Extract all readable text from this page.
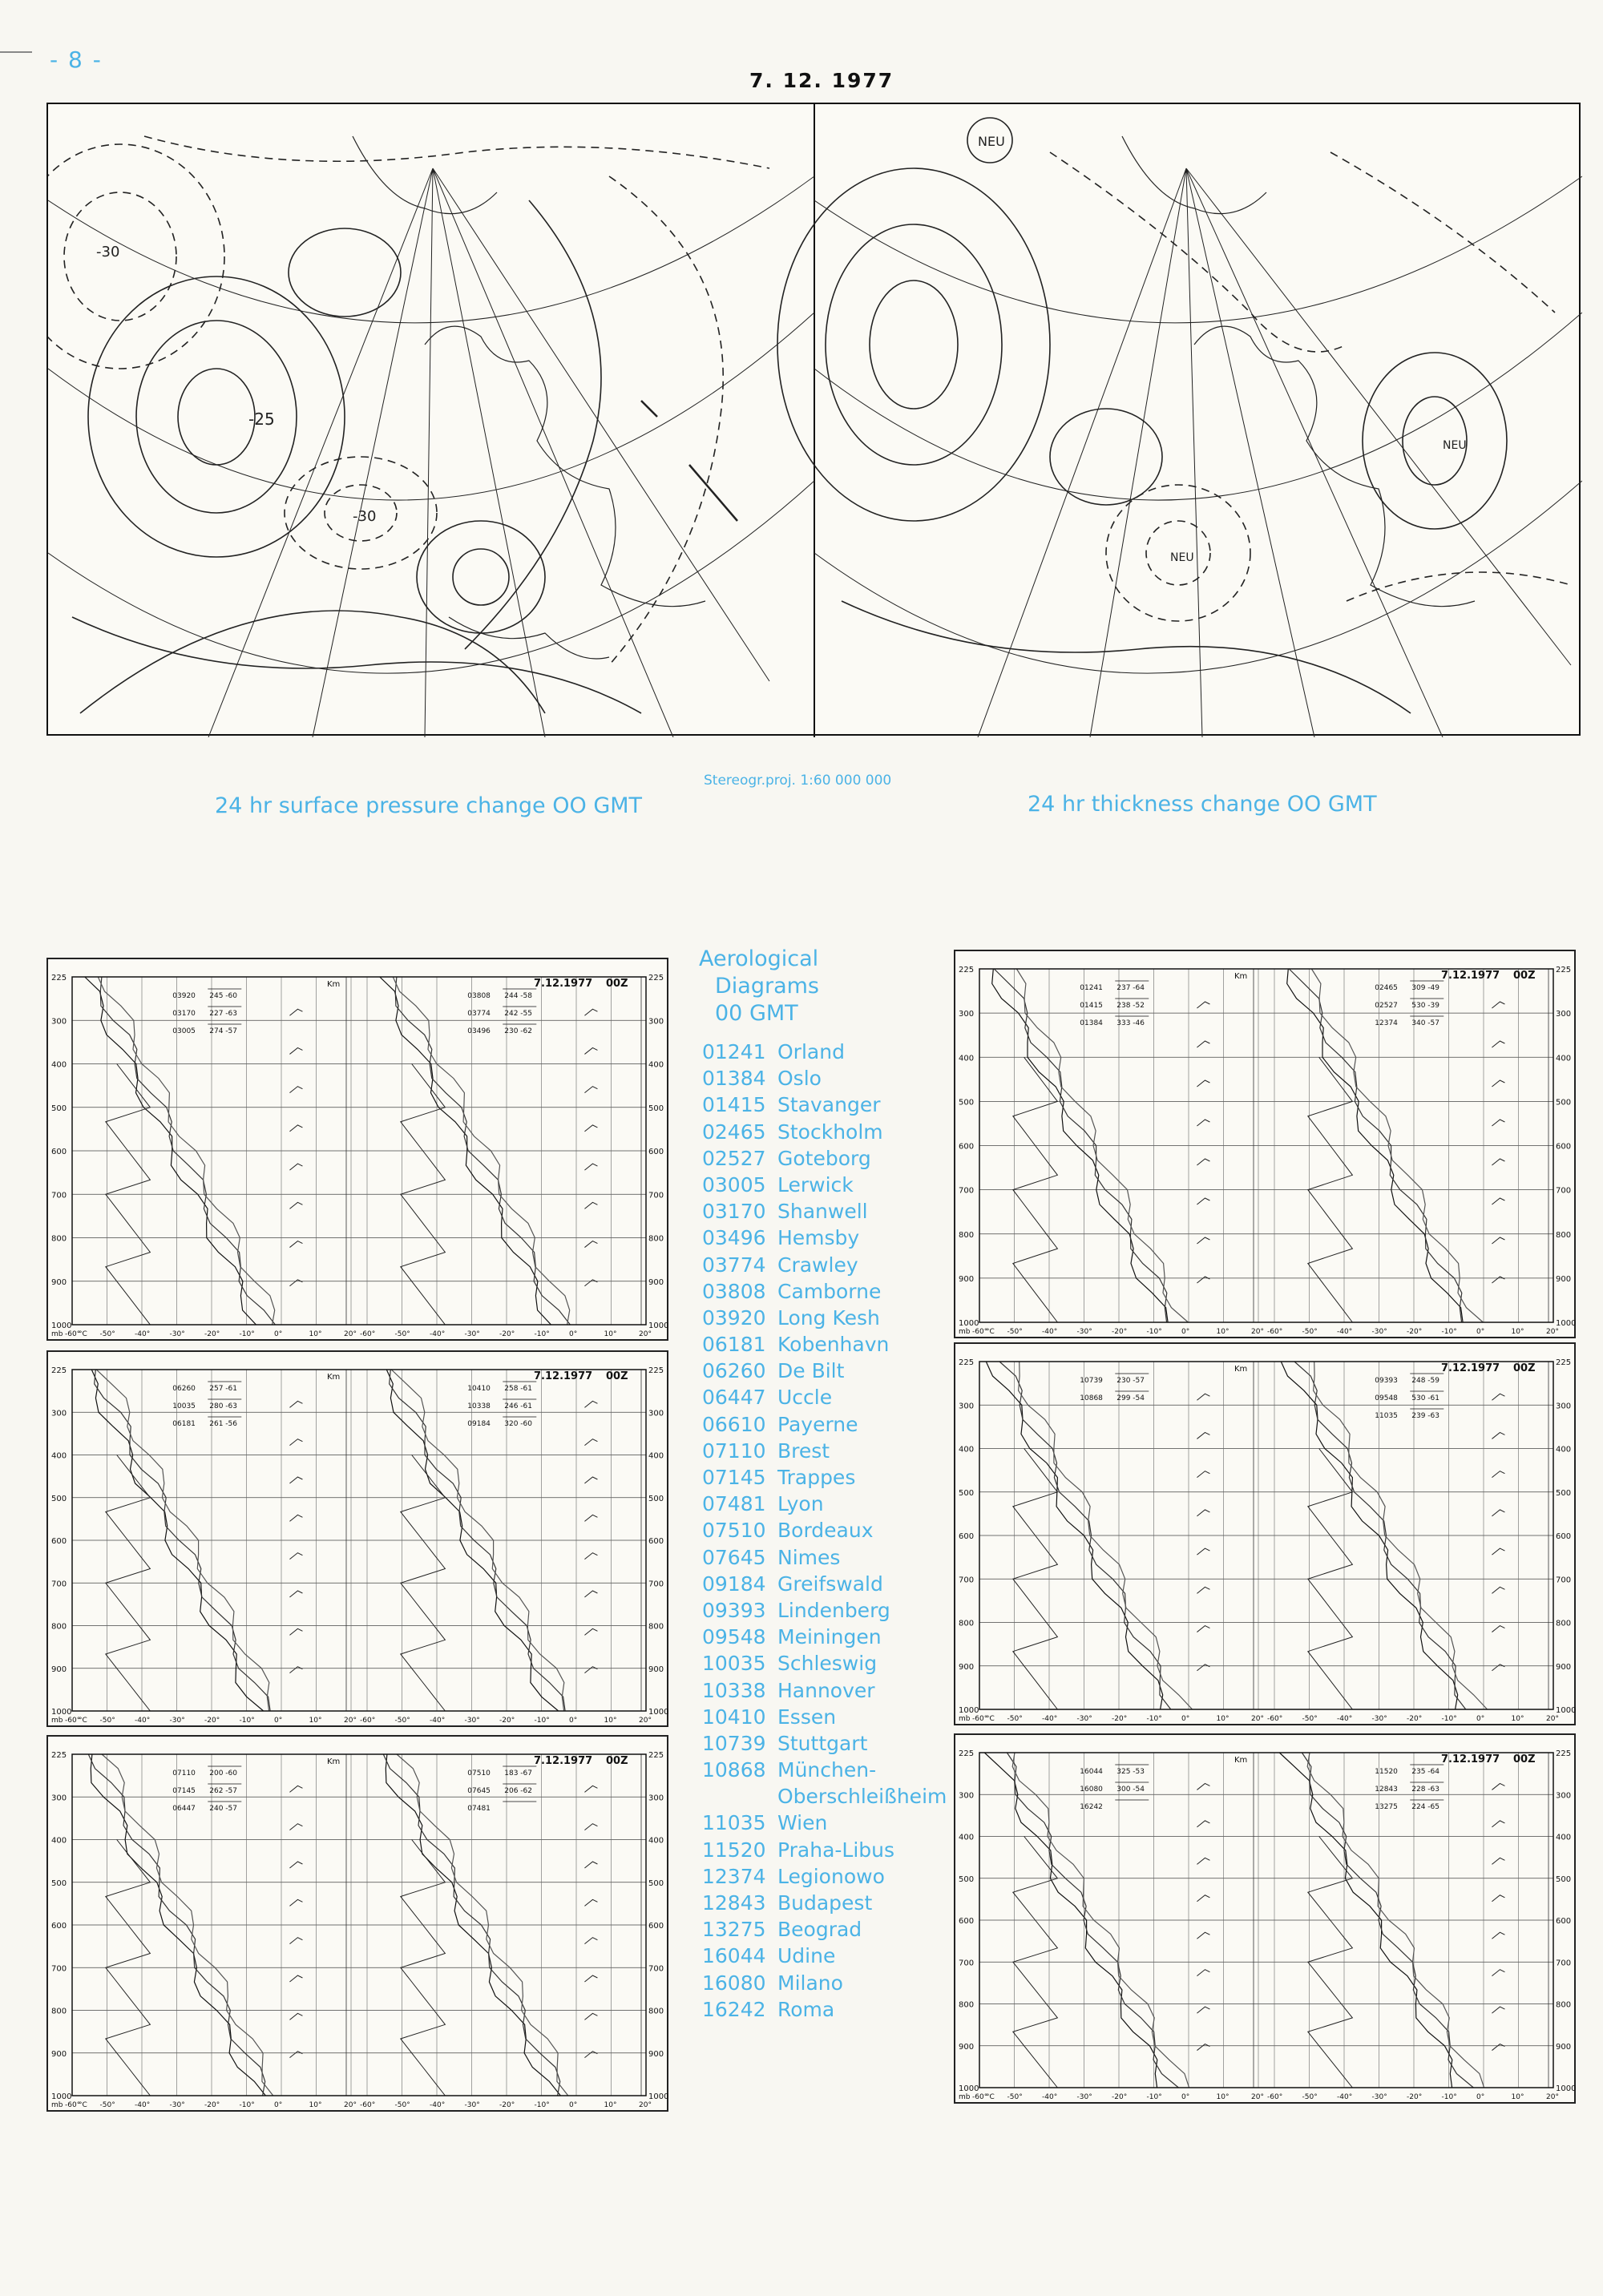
- 8 -
7. 12. 1977
-25
-30
-30
NEU
NEU
NEU
24 hr surface pressure change OO GMT
Stereogr.proj. 1:60 000 000
24 hr thickness change OO GMT
225	225
300	300
400	400
500	500
600	600
700	700
800	800
900	900
1000	1000
-60°	-50°	-40°	-30°	-20°	-10°	0°	10°	20°
03920 245 -60
03170 227 -63
03005 274 -57
-60°	-50°	-40°	-30°	-20°	-10°	0°	10°	20°
03808 244 -58
03774 242 -55
03496 230 -62
7.12.1977 00Z
Km
mb °C
225	225
300	300
400	400
500	500
600	600
700	700
800	800
900	900
1000	1000
-60°	-50°	-40°	-30°	-20°	-10°	0°	10°	20°
06260 257 -61
10035 280 -63
06181 261 -56
-60°	-50°	-40°	-30°	-20°	-10°	0°	10°	20°
10410 258 -61
10338 246 -61
09184 320 -60
7.12.1977 00Z
Km
mb °C
225	225
300	300
400	400
500	500
600	600
700	700
800	800
900	900
1000	1000
-60°	-50°	-40°	-30°	-20°	-10°	0°	10°	20°
07110 200 -60
07145 262 -57
06447 240 -57
-60°	-50°	-40°	-30°	-20°	-10°	0°	10°	20°
07510 183 -67
07645 206 -62
07481
7.12.1977 00Z
Km
mb °C
225	225
300	300
400	400
500	500
600	600
700	700
800	800
900	900
1000	1000
-60°	-50°	-40°	-30°	-20°	-10°	0°	10°	20°
01241 237 -64
01415 238 -52
01384 333 -46
-60°	-50°	-40°	-30°	-20°	-10°	0°	10°	20°
02465 309 -49
02527 530 -39
12374 340 -57
7.12.1977 00Z
Km
mb °C
225	225
300	300
400	400
500	500
600	600
700	700
800	800
900	900
1000	1000
-60°	-50°	-40°	-30°	-20°	-10°	0°	10°	20°
10739 230 -57
10868 299 -54
-60°	-50°	-40°	-30°	-20°	-10°	0°	10°	20°
09393 248 -59
09548 530 -61
11035 239 -63
7.12.1977 00Z
Km
mb °C
225	225
300	300
400	400
500	500
600	600
700	700
800	800
900	900
1000	1000
-60°	-50°	-40°	-30°	-20°	-10°	0°	10°	20°
16044 325 -53
16080 300 -54
16242
-60°	-50°	-40°	-30°	-20°	-10°	0°	10°	20°
11520 235 -64
12843 228 -63
13275 224 -65
7.12.1977 00Z
Km
mb °C
Aerological
Diagrams
00 GMT
01241 Orland
01384 Oslo
01415 Stavanger
02465 Stockholm
02527 Goteborg
03005 Lerwick
03170 Shanwell
03496 Hemsby
03774 Crawley
03808 Camborne
03920 Long Kesh
06181 Kobenhavn
06260 De Bilt
06447 Uccle
06610 Payerne
07110 Brest
07145 Trappes
07481 Lyon
07510 Bordeaux
07645 Nimes
09184 Greifswald
09393 Lindenberg
09548 Meiningen
10035 Schleswig
10338 Hannover
10410 Essen
10739 Stuttgart
10868 München-
Oberschleißheim
11035 Wien
11520 Praha-Libus
12374 Legionowo
12843 Budapest
13275 Beograd
16044 Udine
16080 Milano
16242 Roma
